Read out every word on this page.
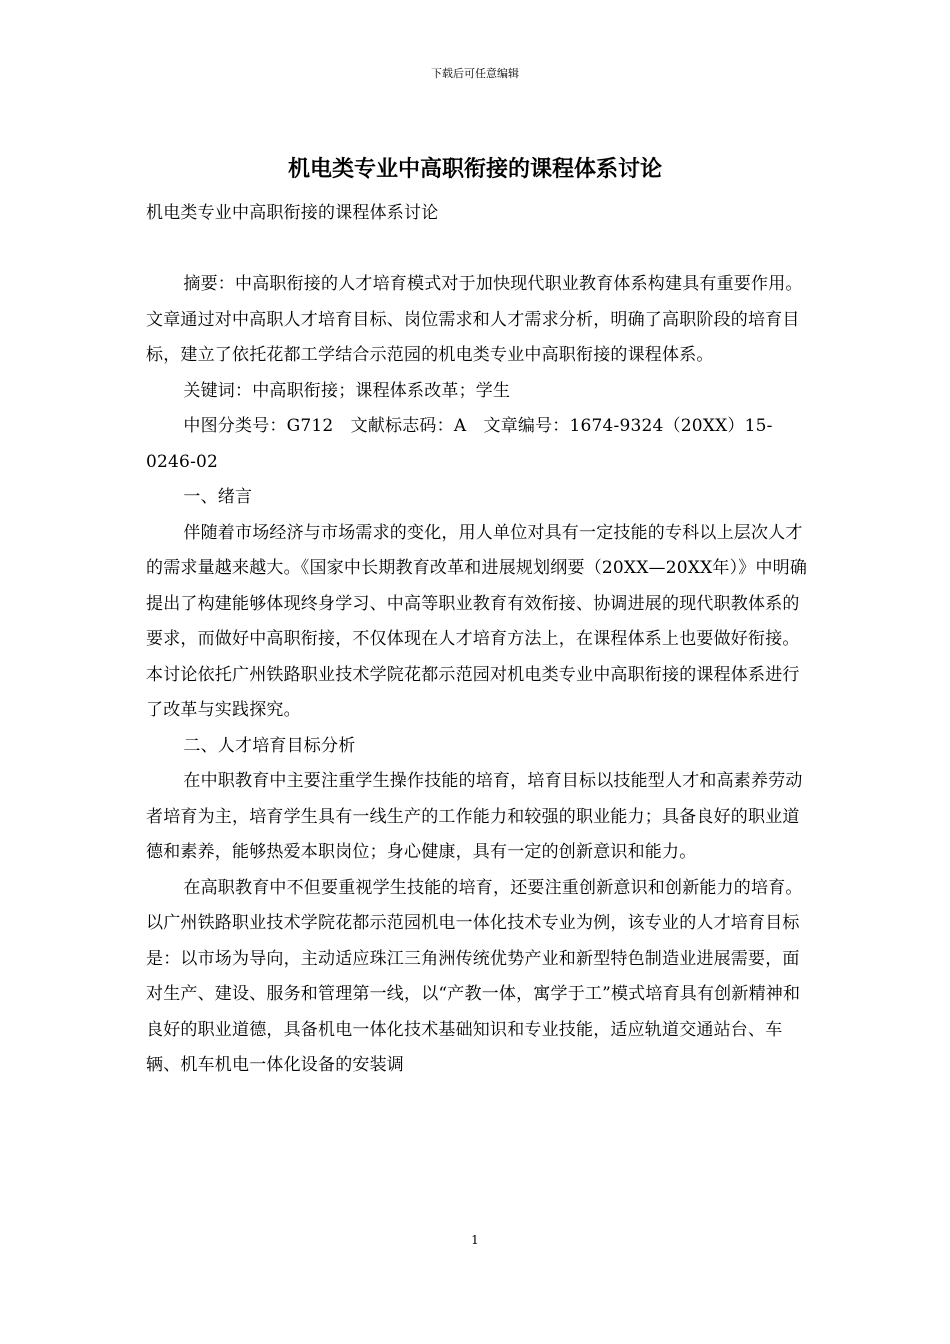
下载后可任意编辑
机电类专业中高职衔接的课程体系讨论

机电类专业中高职衔接的课程体系讨论

摘要：中高职衔接的人才培育模式对于加快现代职业教育体系构建具有重要作用。文章通过对中高职人才培育目标、岗位需求和人才需求分析，明确了高职阶段的培育目标，建立了依托花都工学结合示范园的机电类专业中高职衔接的课程体系。

关键词：中高职衔接；课程体系改革；学生

中图分类号：G712　文献标志码：A　文章编号：1674-9324（20XX）15-0246-02

一、绪言

伴随着市场经济与市场需求的变化，用人单位对具有一定技能的专科以上层次人才的需求量越来越大。《国家中长期教育改革和进展规划纲要（20XX—20XX年）》中明确提出了构建能够体现终身学习、中高等职业教育有效衔接、协调进展的现代职教体系的要求，而做好中高职衔接，不仅体现在人才培育方法上，在课程体系上也要做好衔接。本讨论依托广州铁路职业技术学院花都示范园对机电类专业中高职衔接的课程体系进行了改革与实践探究。

二、人才培育目标分析

在中职教育中主要注重学生操作技能的培育，培育目标以技能型人才和高素养劳动者培育为主，培育学生具有一线生产的工作能力和较强的职业能力；具备良好的职业道德和素养，能够热爱本职岗位；身心健康，具有一定的创新意识和能力。

在高职教育中不但要重视学生技能的培育，还要注重创新意识和创新能力的培育。以广州铁路职业技术学院花都示范园机电一体化技术专业为例，该专业的人才培育目标是：以市场为导向，主动适应珠江三角洲传统优势产业和新型特色制造业进展需要，面对生产、建设、服务和管理第一线，以“产教一体，寓学于工”模式培育具有创新精神和良好的职业道德，具备机电一体化技术基础知识和专业技能，适应轨道交通站台、车辆、机车机电一体化设备的安装调

1
